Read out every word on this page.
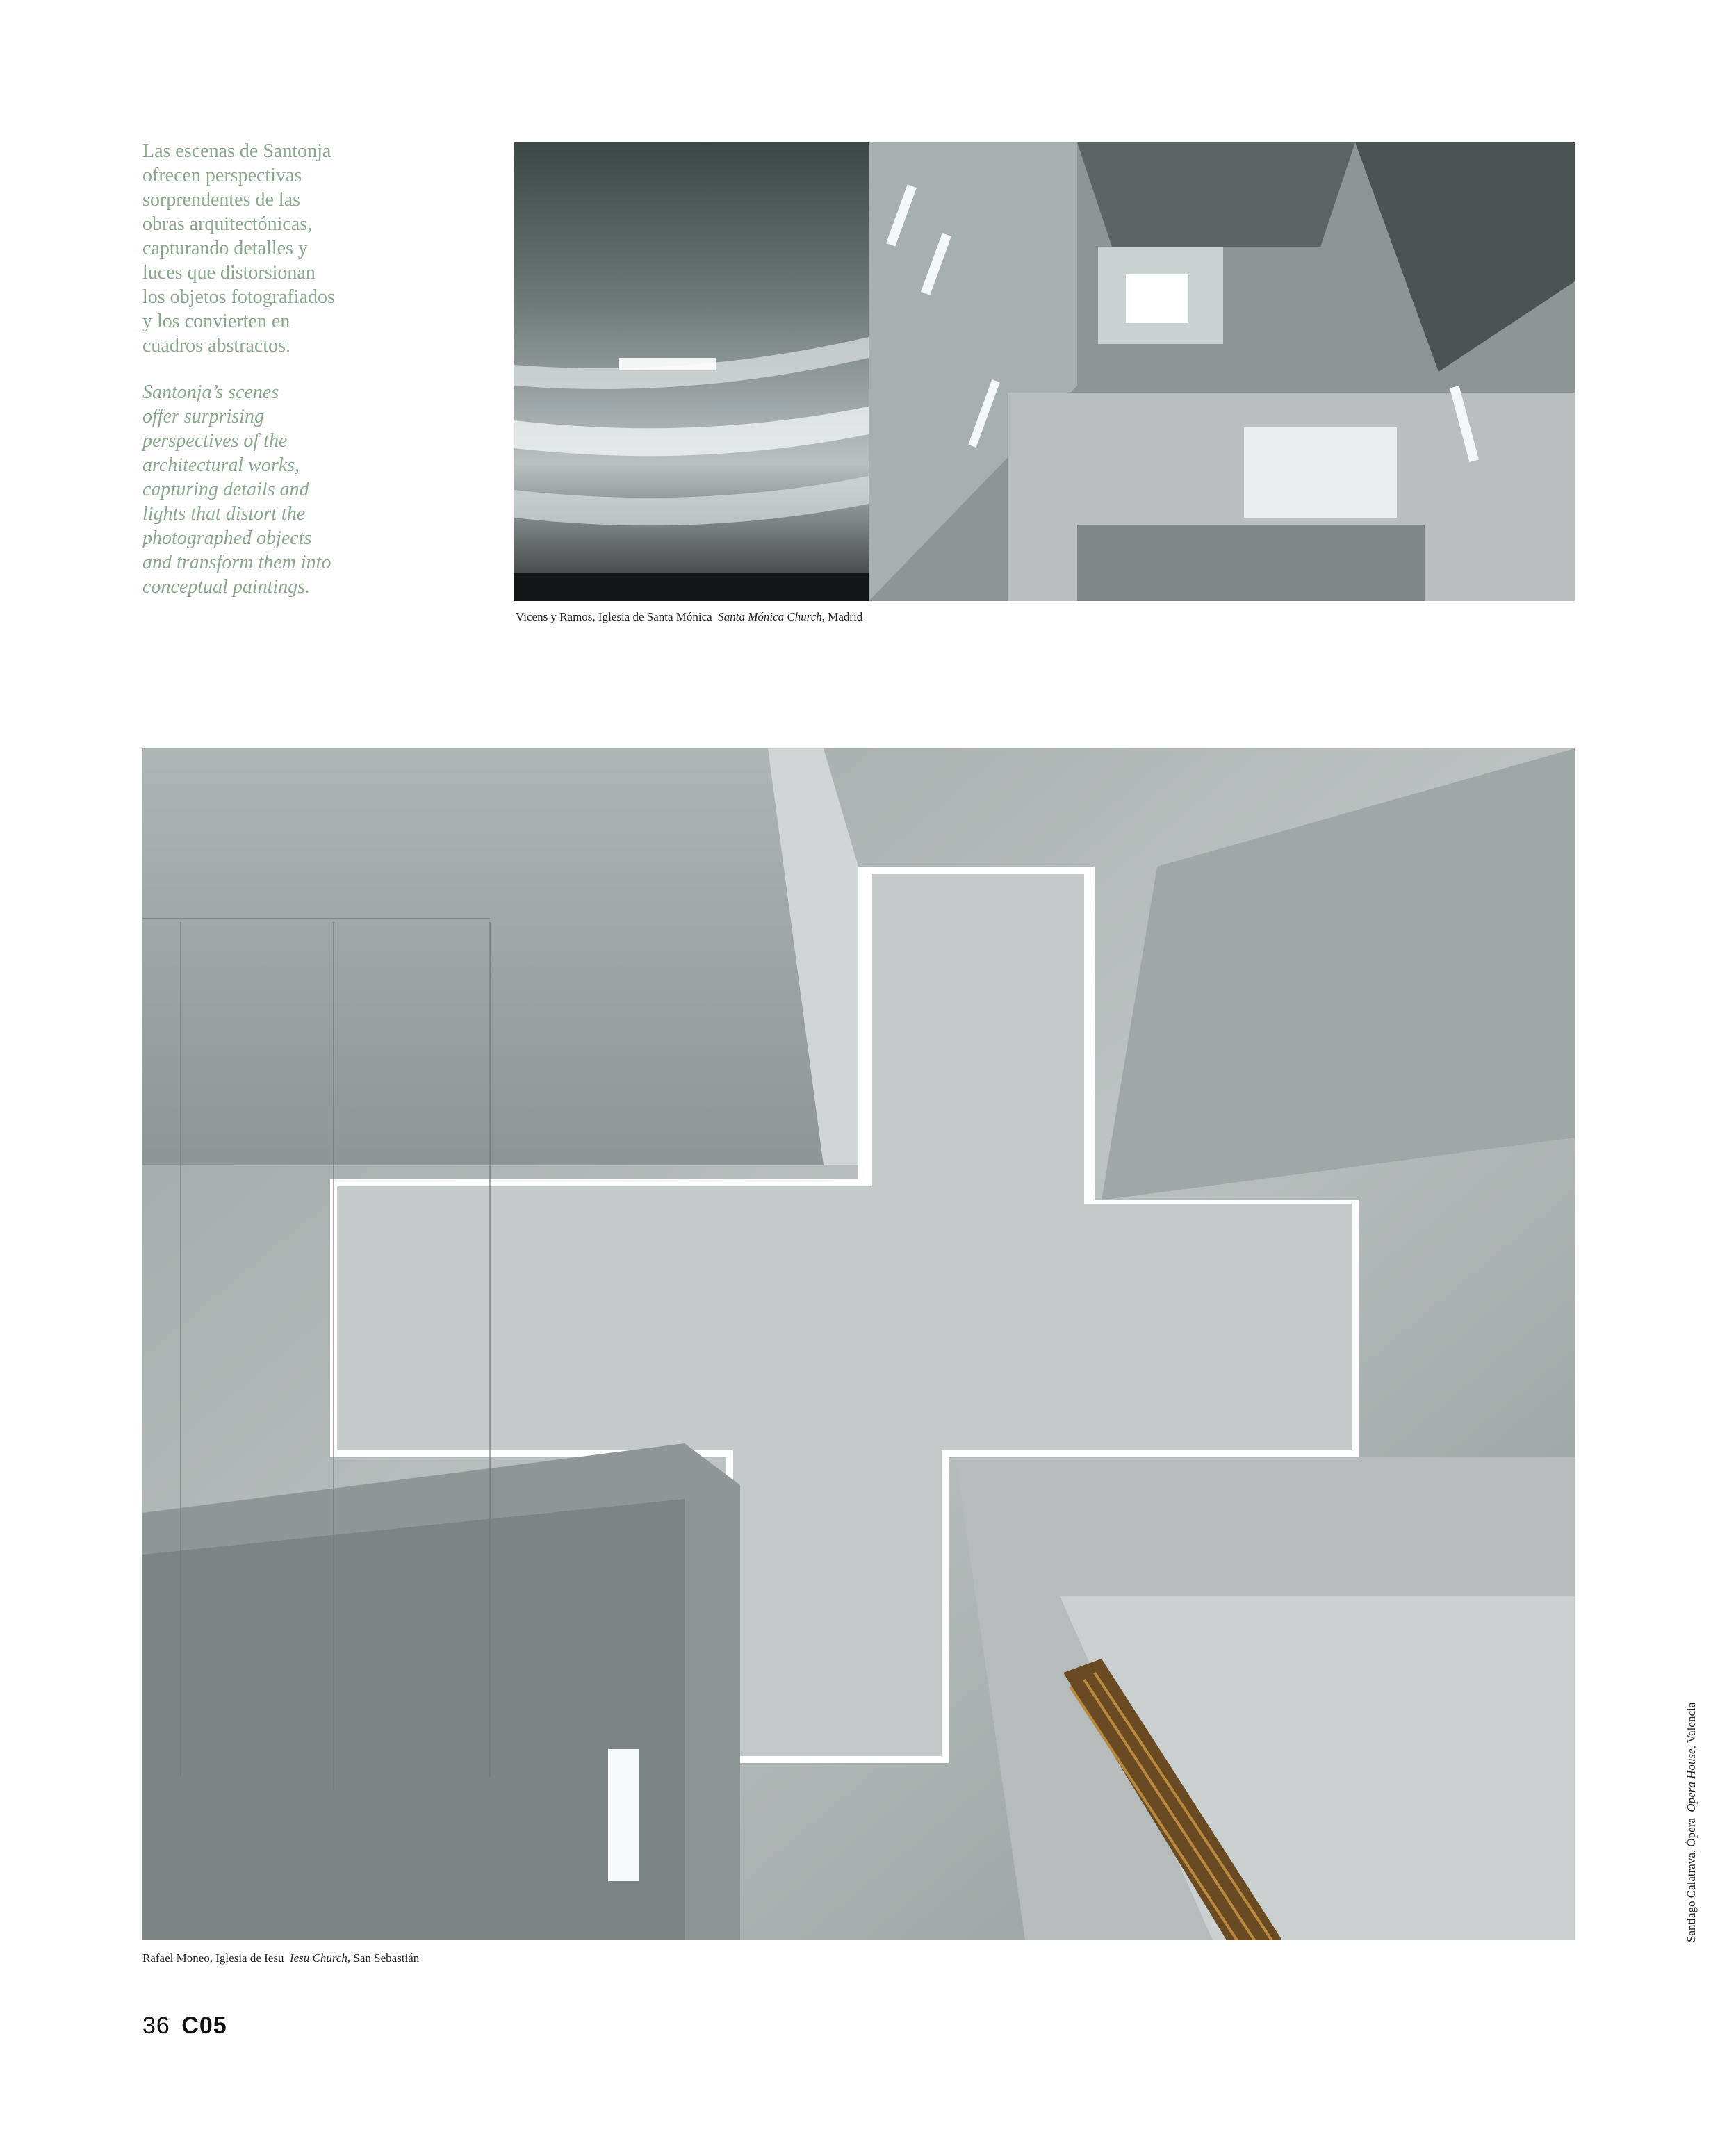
Las escenas de Santonja
ofrecen perspectivas
sorprendentes de las
obras arquitectónicas,
capturando detalles y
luces que distorsionan
los objetos fotografiados
y los convierten en
cuadros abstractos.

Santonja’s scenes
offer surprising
perspectives of the
architectural works,
capturing details and
lights that distort the
photographed objects
and transform them into
conceptual paintings.

Vicens y Ramos, Iglesia de Santa Mónica Santa Mónica Church, Madrid
Rafael Moneo, Iglesia de Iesu Iesu Church, San Sebastián
Santiago Calatrava, Ópera  Opera House, Valencia
36 C05
